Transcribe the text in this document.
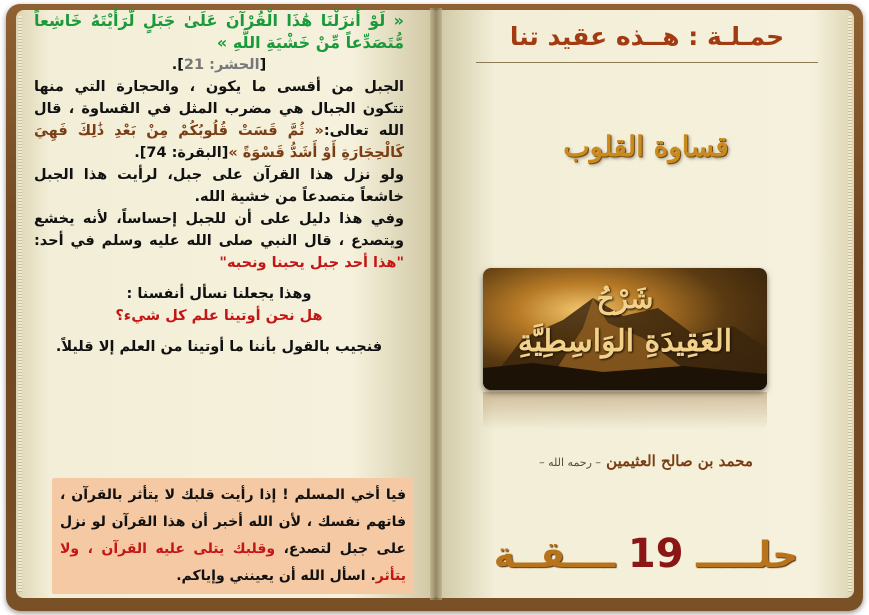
« لَوْ أَنزَلْنَا هَٰذَا الْقُرْآنَ عَلَىٰ جَبَلٍ لَّرَأَيْتَهُ خَاشِعاً مُّتَصَدِّعاً مِّنْ خَشْيَةِ اللَّهِ »

[الحشر: 21].

الجبل من أقسى ما يكون ، والحجارة التي منها تتكون الجبال هي مضرب المثل في القساوة ، قال الله تعالى:« ثُمَّ قَسَتْ قُلُوبُكُمْ مِنْ بَعْدِ ذَٰلِكَ فَهِيَ كَالْحِجَارَةِ أَوْ أَشَدُّ قَسْوَةً »[البقرة: 74].

ولو نزل هذا القرآن على جبل، لرأيت هذا الجبل خاشعاً متصدعاً من خشية الله.

وفي هذا دليل على أن للجبل إحساساً، لأنه يخشع ويتصدع ، قال النبي صلى الله عليه وسلم في أحد: "هذا أحد جبل يحبنا ونحبه"

وهذا يجعلنا نسأل أنفسنا :

هل نحن أوتينا علم كل شيء؟

فنجيب بالقول بأننا ما أوتينا من العلم إلا قليلاً.

فيا أخي المسلم ! إذا رأيت قلبك لا يتأثر بالقرآن ، فاتهم نفسك ، لأن الله أخبر أن هذا القرآن لو نزل على جبل لتصدع، وقلبك يتلى عليه القرآن ، ولا يتأثر. اسأل الله أن يعينني وإياكم.
حمـلـة : هــذه عقيد تنا
قساوة القلوب
شَرْحُ
العَقِيدَةِ الوَاسِطِيَّةِ
محمد بن صالح العثيمين – رحمه الله –
حلـــــ 19 ــــقــة
